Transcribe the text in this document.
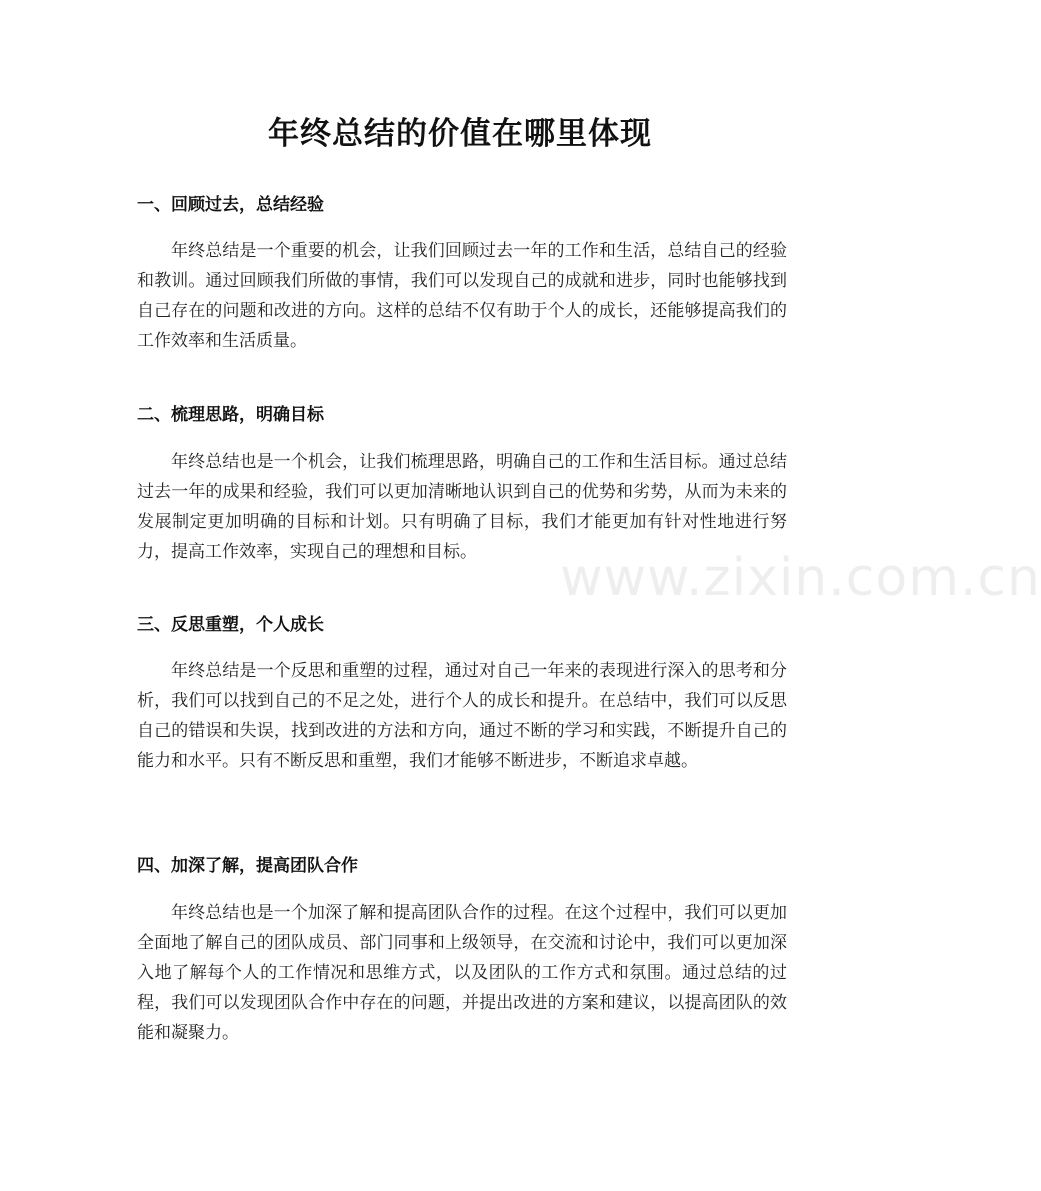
年终总结的价值在哪里体现
一、回顾过去，总结经验

年终总结是一个重要的机会，让我们回顾过去一年的工作和生活，总结自己的经验和教训。通过回顾我们所做的事情，我们可以发现自己的成就和进步，同时也能够找到自己存在的问题和改进的方向。这样的总结不仅有助于个人的成长，还能够提高我们的工作效率和生活质量。

二、梳理思路，明确目标

年终总结也是一个机会，让我们梳理思路，明确自己的工作和生活目标。通过总结过去一年的成果和经验，我们可以更加清晰地认识到自己的优势和劣势，从而为未来的发展制定更加明确的目标和计划。只有明确了目标，我们才能更加有针对性地进行努力，提高工作效率，实现自己的理想和目标。

三、反思重塑，个人成长

年终总结是一个反思和重塑的过程，通过对自己一年来的表现进行深入的思考和分析，我们可以找到自己的不足之处，进行个人的成长和提升。在总结中，我们可以反思自己的错误和失误，找到改进的方法和方向，通过不断的学习和实践，不断提升自己的能力和水平。只有不断反思和重塑，我们才能够不断进步，不断追求卓越。

四、加深了解，提高团队合作

年终总结也是一个加深了解和提高团队合作的过程。在这个过程中，我们可以更加全面地了解自己的团队成员、部门同事和上级领导，在交流和讨论中，我们可以更加深入地了解每个人的工作情况和思维方式，以及团队的工作方式和氛围。通过总结的过程，我们可以发现团队合作中存在的问题，并提出改进的方案和建议，以提高团队的效能和凝聚力。

www.zixin.com.cn
